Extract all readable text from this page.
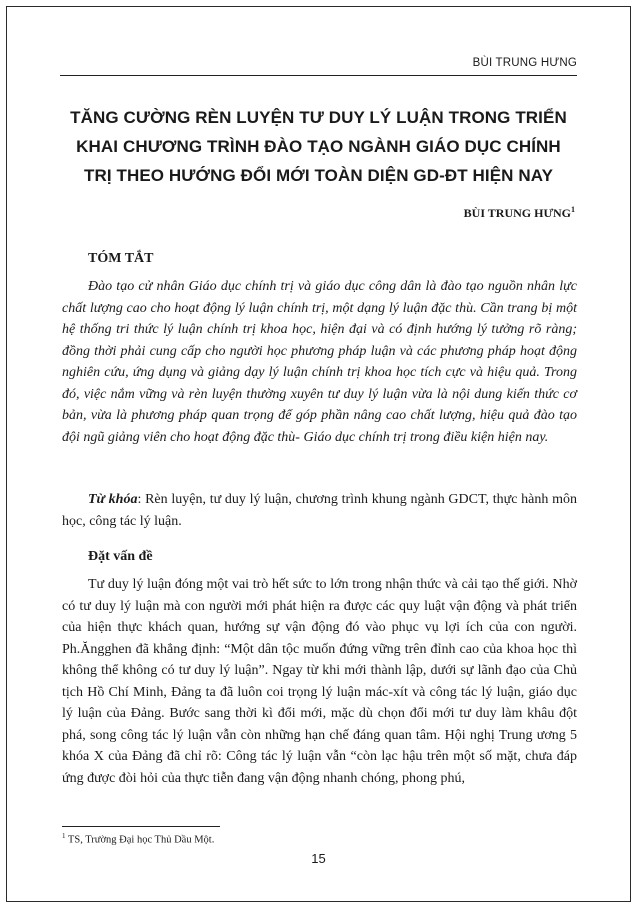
BÙI TRUNG HƯNG
TĂNG CƯỜNG RÈN LUYỆN TƯ DUY LÝ LUẬN TRONG TRIỂN KHAI CHƯƠNG TRÌNH ĐÀO TẠO NGÀNH GIÁO DỤC CHÍNH TRỊ THEO HƯỚNG ĐỔI MỚI TOÀN DIỆN GD-ĐT HIỆN NAY
BÙI TRUNG HƯNG$^1$
TÓM TẮT

Đào tạo cử nhân Giáo dục chính trị và giáo dục công dân là đào tạo nguồn nhân lực chất lượng cao cho hoạt động lý luận chính trị, một dạng lý luận đặc thù. Cần trang bị một hệ thống tri thức lý luận chính trị khoa học, hiện đại và có định hướng lý tưởng rõ ràng; đồng thời phải cung cấp cho người học phương pháp luận và các phương pháp hoạt động nghiên cứu, ứng dụng và giảng dạy lý luận chính trị khoa học tích cực và hiệu quả. Trong đó, việc nắm vững và rèn luyện thường xuyên tư duy lý luận vừa là nội dung kiến thức cơ bản, vừa là phương pháp quan trọng để góp phần nâng cao chất lượng, hiệu quả đào tạo đội ngũ giảng viên cho hoạt động đặc thù- Giáo dục chính trị trong điều kiện hiện nay.

Từ khóa: Rèn luyện, tư duy lý luận, chương trình khung ngành GDCT, thực hành môn học, công tác lý luận.

Đặt vấn đề

Tư duy lý luận đóng một vai trò hết sức to lớn trong nhận thức và cải tạo thế giới. Nhờ có tư duy lý luận mà con người mới phát hiện ra được các quy luật vận động và phát triển của hiện thực khách quan, hướng sự vận động đó vào phục vụ lợi ích của con người. Ph.Ăngghen đã khẳng định: “Một dân tộc muốn đứng vững trên đỉnh cao của khoa học thì không thể không có tư duy lý luận”. Ngay từ khi mới thành lập, dưới sự lãnh đạo của Chủ tịch Hồ Chí Minh, Đảng ta đã luôn coi trọng lý luận mác-xít và công tác lý luận, giáo dục lý luận của Đảng. Bước sang thời kì đổi mới, mặc dù chọn đổi mới tư duy làm khâu đột phá, song công tác lý luận vẫn còn những hạn chế đáng quan tâm. Hội nghị Trung ương 5 khóa X của Đảng đã chỉ rõ: Công tác lý luận vẫn “còn lạc hậu trên một số mặt, chưa đáp ứng được đòi hỏi của thực tiễn đang vận động nhanh chóng, phong phú,

$^1$ TS, Trường Đại học Thủ Dầu Một.
15
